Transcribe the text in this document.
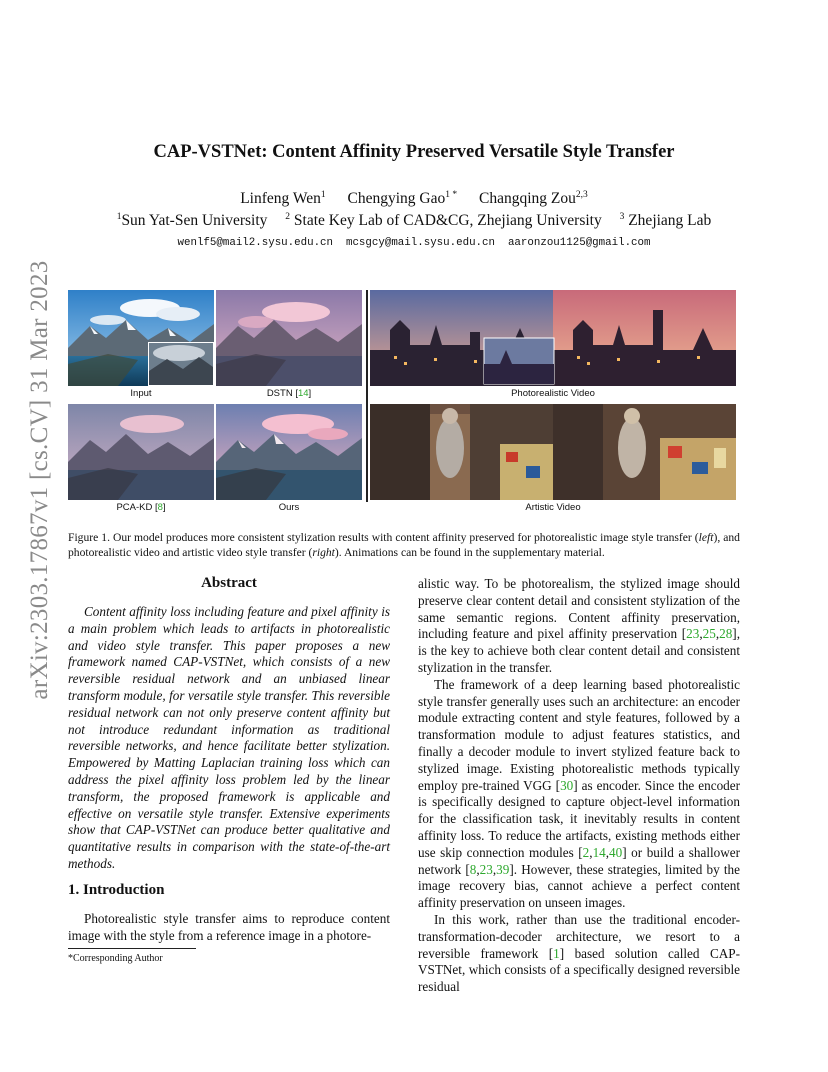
arXiv:2303.17867v1 [cs.CV] 31 Mar 2023
CAP-VSTNet: Content Affinity Preserved Versatile Style Transfer
Linfeng Wen$^1$ Chengying Gao$^{1 *}$ Changqing Zou$^{2,3}$
$^1$Sun Yat-Sen University $^2$ State Key Lab of CAD&CG, Zhejiang University $^3$ Zhejiang Lab
wenlf5@mail2.sysu.edu.cn  mcsgcy@mail.sysu.edu.cn  aaronzou1125@gmail.com
Input	DSTN [14]
PCA-KD [8]	Ours
Photorealistic Video
Artistic Video
Figure 1. Our model produces more consistent stylization results with content affinity preserved for photorealistic image style transfer (left), and photorealistic video and artistic video style transfer (right). Animations can be found in the supplementary material.
Abstract

Content affinity loss including feature and pixel affinity is a main problem which leads to artifacts in photorealistic and video style transfer. This paper proposes a new framework named CAP-VSTNet, which consists of a new reversible residual network and an unbiased linear transform module, for versatile style transfer. This reversible residual network can not only preserve content affinity but not introduce redundant information as traditional reversible networks, and hence facilitate better stylization. Empowered by Matting Laplacian training loss which can address the pixel affinity loss problem led by the linear transform, the proposed framework is applicable and effective on versatile style transfer. Extensive experiments show that CAP-VSTNet can produce better qualitative and quantitative results in comparison with the state-of-the-art methods.

1. Introduction

Photorealistic style transfer aims to reproduce content image with the style from a reference image in a photore-

*Corresponding Author

alistic way. To be photorealism, the stylized image should preserve clear content detail and consistent stylization of the same semantic regions. Content affinity preservation, including feature and pixel affinity preservation [23,25,28], is the key to achieve both clear content detail and consistent stylization in the transfer.

The framework of a deep learning based photorealistic style transfer generally uses such an architecture: an encoder module extracting content and style features, followed by a transformation module to adjust features statistics, and finally a decoder module to invert stylized feature back to stylized image. Existing photorealistic methods typically employ pre-trained VGG [30] as encoder. Since the encoder is specifically designed to capture object-level information for the classification task, it inevitably results in content affinity loss. To reduce the artifacts, existing methods either use skip connection modules [2,14,40] or build a shallower network [8,23,39]. However, these strategies, limited by the image recovery bias, cannot achieve a perfect content affinity preservation on unseen images.

In this work, rather than use the traditional encoder-transformation-decoder architecture, we resort to a reversible framework [1] based solution called CAP-VSTNet, which consists of a specifically designed reversible residual
